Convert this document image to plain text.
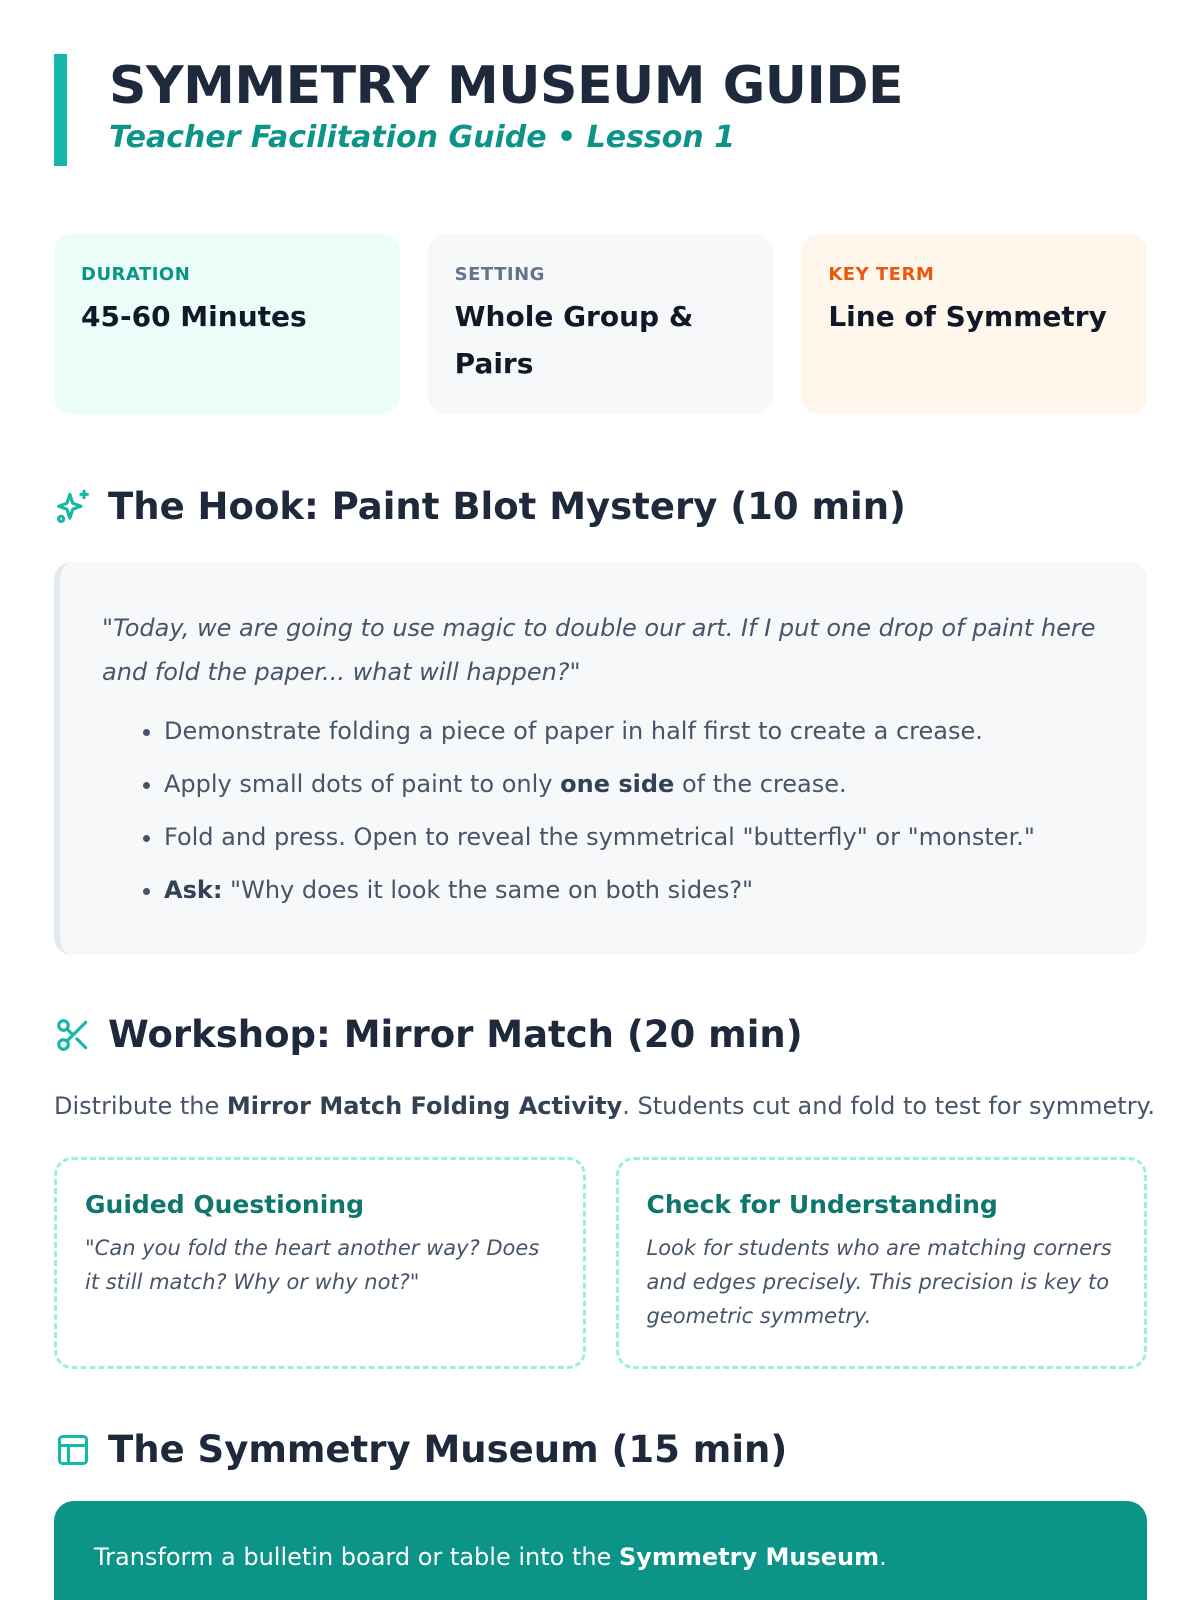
SYMMETRY MUSEUM GUIDE
Teacher Facilitation Guide • Lesson 1
DURATION
45-60 Minutes
SETTING
Whole Group & Pairs
KEY TERM
Line of Symmetry
The Hook: Paint Blot Mystery (10 min)

"Today, we are going to use magic to double our art. If I put one drop of paint here and fold the paper... what will happen?"

• Demonstrate folding a piece of paper in half first to create a crease.
• Apply small dots of paint to only one side of the crease.
• Fold and press. Open to reveal the symmetrical "butterfly" or "monster."
• Ask: "Why does it look the same on both sides?"
Workshop: Mirror Match (20 min)

Distribute the Mirror Match Folding Activity. Students cut and fold to test for symmetry.

Guided Questioning
"Can you fold the heart another way? Does it still match? Why or why not?"
Check for Understanding
Look for students who are matching corners and edges precisely. This precision is key to geometric symmetry.
The Symmetry Museum (15 min)
Transform a bulletin board or table into the Symmetry Museum.
